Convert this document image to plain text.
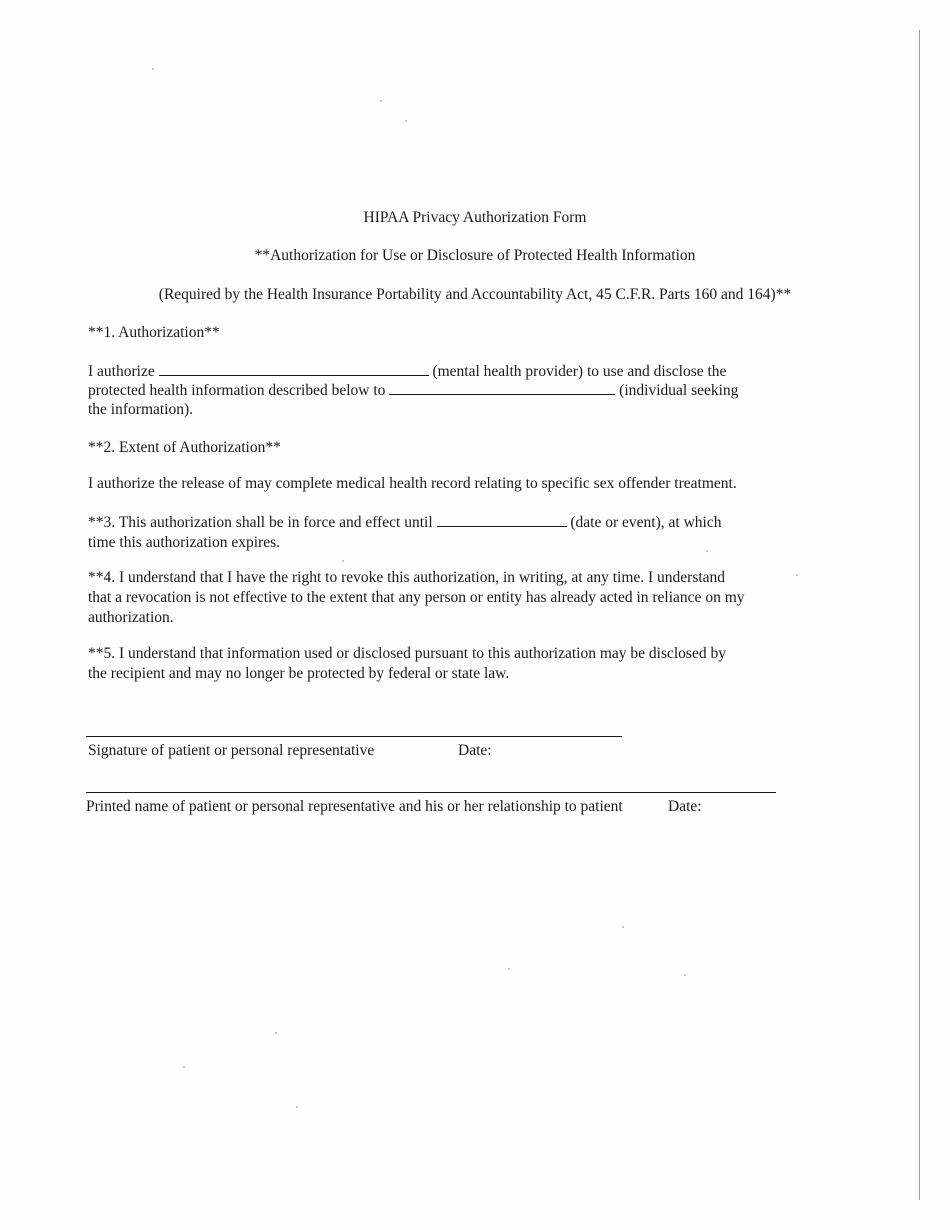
HIPAA Privacy Authorization Form
**Authorization for Use or Disclosure of Protected Health Information
(Required by the Health Insurance Portability and Accountability Act, 45 C.F.R. Parts 160 and 164)**
**1. Authorization**
I authorize	(mental health provider) to use and disclose the
protected health information described below to	(individual seeking
the information).
**2. Extent of Authorization**
I authorize the release of may complete medical health record relating to specific sex offender treatment.
**3. This authorization shall be in force and effect until	(date or event), at which
time this authorization expires.
**4. I understand that I have the right to revoke this authorization, in writing, at any time. I understand
that a revocation is not effective to the extent that any person or entity has already acted in reliance on my
authorization.
**5. I understand that information used or disclosed pursuant to this authorization may be disclosed by
the recipient and may no longer be protected by federal or state law.
Signature of patient or personal representative	Date:
Printed name of patient or personal representative and his or her relationship to patient	Date:
